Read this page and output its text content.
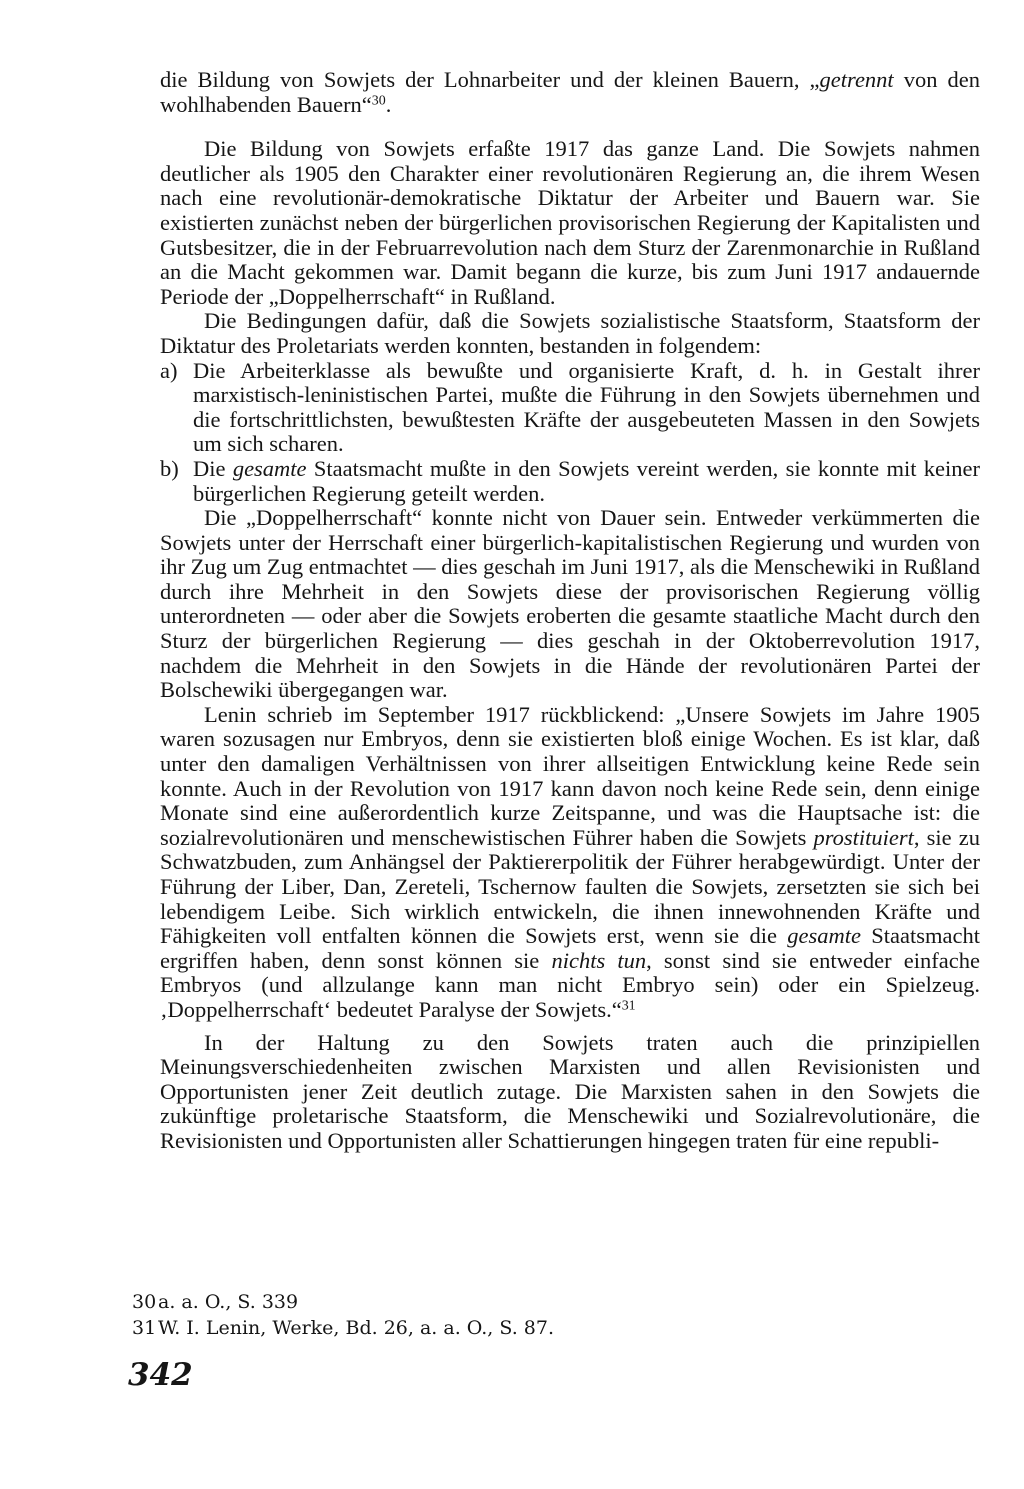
die Bildung von Sowjets der Lohnarbeiter und der kleinen Bauern, „getrennt von den wohlhabenden Bauern“$^{30}$.

Die Bildung von Sowjets erfaßte 1917 das ganze Land. Die Sowjets nahmen deutlicher als 1905 den Charakter einer revolutionären Regierung an, die ihrem Wesen nach eine revolutionär-demokratische Diktatur der Arbeiter und Bauern war. Sie existierten zunächst neben der bürgerlichen provisorischen Regierung der Kapitalisten und Gutsbesitzer, die in der Februarrevolution nach dem Sturz der Zarenmonarchie in Rußland an die Macht gekommen war. Damit begann die kurze, bis zum Juni 1917 andauernde Periode der „Doppelherrschaft“ in Rußland.

Die Bedingungen dafür, daß die Sowjets sozialistische Staatsform, Staatsform der Diktatur des Proletariats werden konnten, bestanden in folgendem:

a) Die Arbeiterklasse als bewußte und organisierte Kraft, d. h. in Gestalt ihrer marxistisch-leninistischen Partei, mußte die Führung in den Sowjets übernehmen und die fortschrittlichsten, bewußtesten Kräfte der ausgebeuteten Massen in den Sowjets um sich scharen.

b) Die gesamte Staatsmacht mußte in den Sowjets vereint werden, sie konnte mit keiner bürgerlichen Regierung geteilt werden.

Die „Doppelherrschaft“ konnte nicht von Dauer sein. Entweder verkümmerten die Sowjets unter der Herrschaft einer bürgerlich-kapitalistischen Regierung und wurden von ihr Zug um Zug entmachtet — dies geschah im Juni 1917, als die Menschewiki in Rußland durch ihre Mehrheit in den Sowjets diese der provisorischen Regierung völlig unterordneten — oder aber die Sowjets eroberten die gesamte staatliche Macht durch den Sturz der bürgerlichen Regierung — dies geschah in der Oktoberrevolution 1917, nachdem die Mehrheit in den Sowjets in die Hände der revolutionären Partei der Bolschewiki übergegangen war.

Lenin schrieb im September 1917 rückblickend: „Unsere Sowjets im Jahre 1905 waren sozusagen nur Embryos, denn sie existierten bloß einige Wochen. Es ist klar, daß unter den damaligen Verhältnissen von ihrer allseitigen Entwicklung keine Rede sein konnte. Auch in der Revolution von 1917 kann davon noch keine Rede sein, denn einige Monate sind eine außerordentlich kurze Zeitspanne, und was die Hauptsache ist: die sozialrevolutionären und menschewistischen Führer haben die Sowjets prostituiert, sie zu Schwatzbuden, zum Anhängsel der Paktiererpolitik der Führer herabgewürdigt. Unter der Führung der Liber, Dan, Zereteli, Tschernow faulten die Sowjets, zersetzten sie sich bei lebendigem Leibe. Sich wirklich entwickeln, die ihnen innewohnenden Kräfte und Fähigkeiten voll entfalten können die Sowjets erst, wenn sie die gesamte Staatsmacht ergriffen haben, denn sonst können sie nichts tun, sonst sind sie entweder einfache Embryos (und allzulange kann man nicht Embryo sein) oder ein Spielzeug. ‚Doppelherrschaft‘ bedeutet Paralyse der Sowjets.“$^{31}$

In der Haltung zu den Sowjets traten auch die prinzipiellen Meinungsverschiedenheiten zwischen Marxisten und allen Revisionisten und Opportunisten jener Zeit deutlich zutage. Die Marxisten sahen in den Sowjets die zukünftige proletarische Staatsform, die Menschewiki und Sozialrevolutionäre, die Revisionisten und Opportunisten aller Schattierungen hingegen traten für eine republi-

30a. a. O., S. 339

31W. I. Lenin, Werke, Bd. 26, a. a. O., S. 87.

342
